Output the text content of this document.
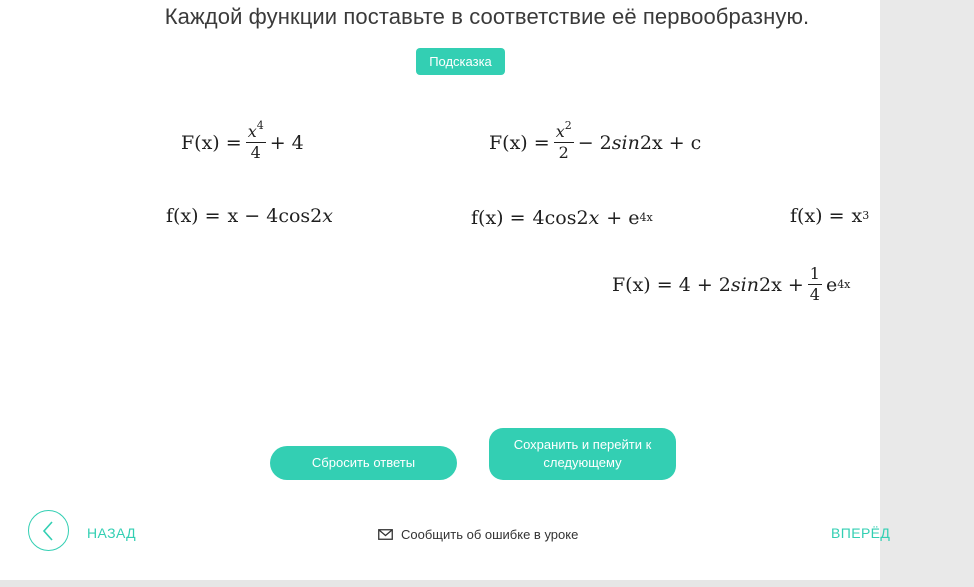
Каждой функции поставьте в соответствие её первообразную.
Подсказка
$F(x) = \frac{x^4}{4} + 4$	$F(x) = \frac{x^2}{2} - 2$ sin 2x + c
f(x) = x − 4cos2 x	f(x) = 4cos2 x + e 4x	f(x) = x 3
F(x) = 4 + 2 $\sin 2x + \frac{1}{4}$ e 4x
Сбросить ответы
Сохранить и перейти к следующему
НАЗАД	Сообщить об ошибке в уроке	ВПЕРЁД
